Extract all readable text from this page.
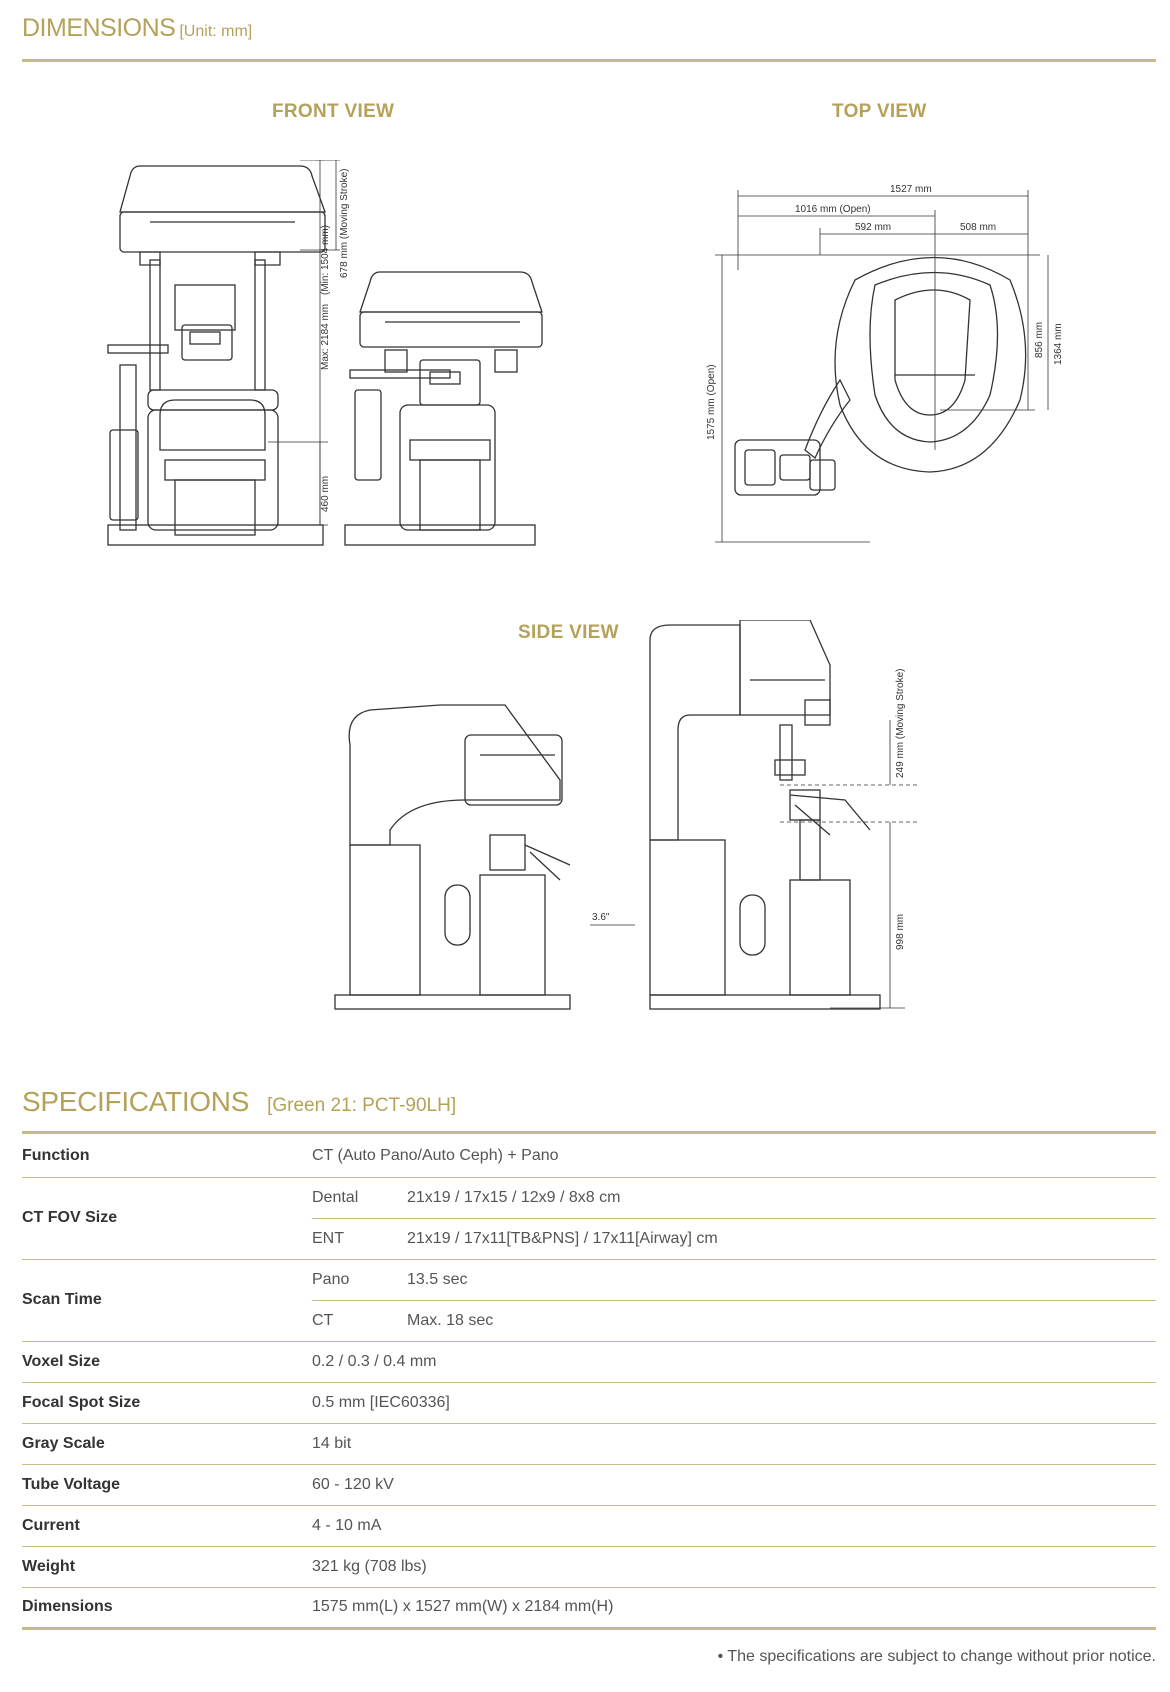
DIMENSIONS [Unit: mm]
FRONT VIEW	TOP VIEW
SIDE VIEW
678 mm (Moving Stroke)
Max: 2184 mm
(Min: 1504 mm)
460 mm
1527 mm
1016 mm (Open)
592 mm	508 mm
1575 mm (Open)
856 mm 1364 mm
249 mm (Moving Stroke)
998 mm
3.6"
SPECIFICATIONS [Green 21: PCT-90LH]
Function	CT (Auto Pano/Auto Ceph) + Pano	
CT FOV Size	Dental	21x19 / 17x15 / 12x9 / 8x8 cm
	ENT	21x19 / 17x11[TB&PNS] / 17x11[Airway] cm
Scan Time	Pano	13.5 sec
	CT	Max. 18 sec
Voxel Size	0.2 / 0.3 / 0.4 mm	
Focal Spot Size	0.5 mm [IEC60336]	
Gray Scale	14 bit	
Tube Voltage	60 - 120 kV	
Current	4 - 10 mA	
Weight	321 kg (708 lbs)	
Dimensions	1575 mm(L) x 1527 mm(W) x 2184 mm(H)	
• The specifications are subject to change without prior notice.
